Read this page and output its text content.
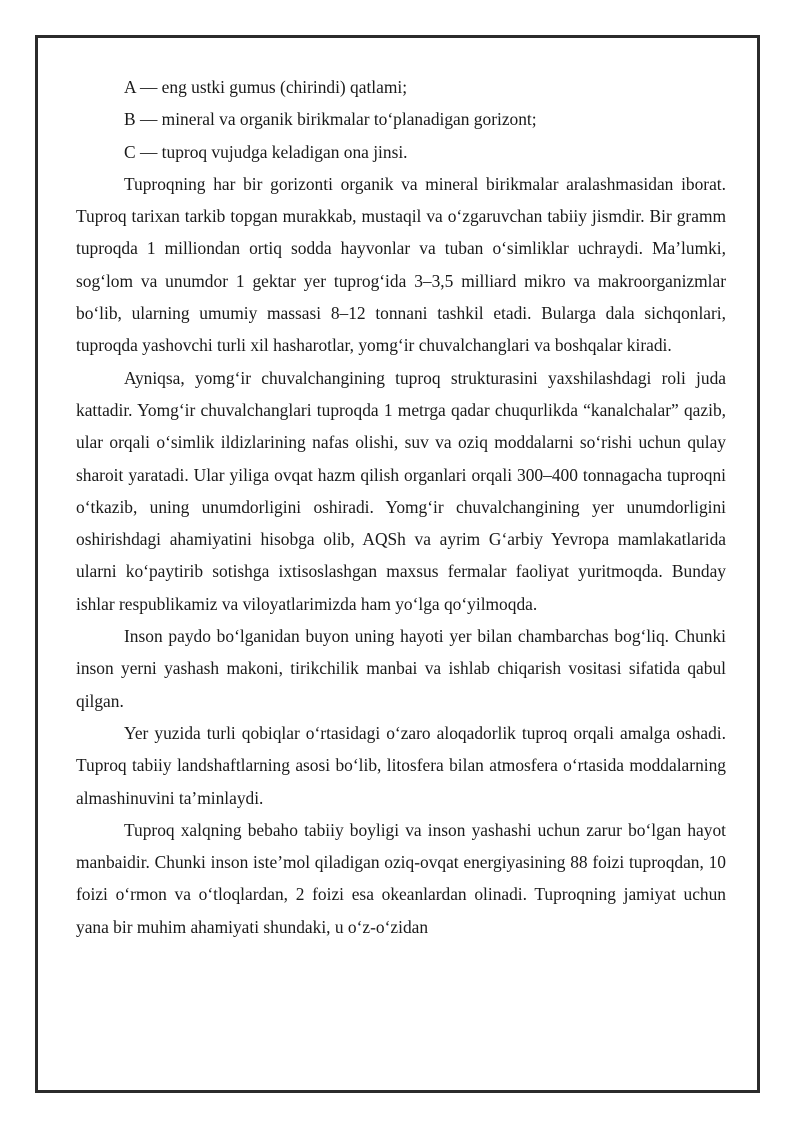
A — eng ustki gumus (chirindi) qatlami;

B — mineral va organik birikmalar to‘planadigan gorizont;

C — tuproq vujudga keladigan ona jinsi.

Tuproqning har bir gorizonti organik va mineral birikmalar aralashmasidan iborat. Tuproq tarixan tarkib topgan murakkab, mustaqil va o‘zgaruvchan tabiiy jismdir. Bir gramm tuproqda 1 milliondan ortiq sodda hayvonlar va tuban o‘simliklar uchraydi. Ma’lumki, sog‘lom va unumdor 1 gektar yer tuprog‘ida 3–3,5 milliard mikro va makroorganizmlar bo‘lib, ularning umumiy massasi 8–12 tonnani tashkil etadi. Bularga dala sichqonlari, tuproqda yashovchi turli xil hasharotlar, yomg‘ir chuvalchanglari va boshqalar kiradi.

Ayniqsa, yomg‘ir chuvalchangining tuproq strukturasini yaxshilashdagi roli juda kattadir. Yomg‘ir chuvalchanglari tuproqda 1 metrga qadar chuqurlikda “kanalchalar” qazib, ular orqali o‘simlik ildizlarining nafas olishi, suv va oziq moddalarni so‘rishi uchun qulay sharoit yaratadi. Ular yiliga ovqat hazm qilish organlari orqali 300–400 tonnagacha tuproqni o‘tkazib, uning unumdorligini oshiradi. Yomg‘ir chuvalchangining yer unumdorligini oshirishdagi ahamiyatini hisobga olib, AQSh va ayrim G‘arbiy Yevropa mamlakatlarida ularni ko‘paytirib sotishga ixtisoslashgan maxsus fermalar faoliyat yuritmoqda. Bunday ishlar respublikamiz va viloyatlarimizda ham yo‘lga qo‘yilmoqda.

Inson paydo bo‘lganidan buyon uning hayoti yer bilan chambarchas bog‘liq. Chunki inson yerni yashash makoni, tirikchilik manbai va ishlab chiqarish vositasi sifatida qabul qilgan.

Yer yuzida turli qobiqlar o‘rtasidagi o‘zaro aloqadorlik tuproq orqali amalga oshadi. Tuproq tabiiy landshaftlarning asosi bo‘lib, litosfera bilan atmosfera o‘rtasida moddalarning almashinuvini ta’minlaydi.

Tuproq xalqning bebaho tabiiy boyligi va inson yashashi uchun zarur bo‘lgan hayot manbaidir. Chunki inson iste’mol qiladigan oziq-ovqat energiyasining 88 foizi tuproqdan, 10 foizi o‘rmon va o‘tloqlardan, 2 foizi esa okeanlardan olinadi. Tuproqning jamiyat uchun yana bir muhim ahamiyati shundaki, u o‘z-o‘zidan
